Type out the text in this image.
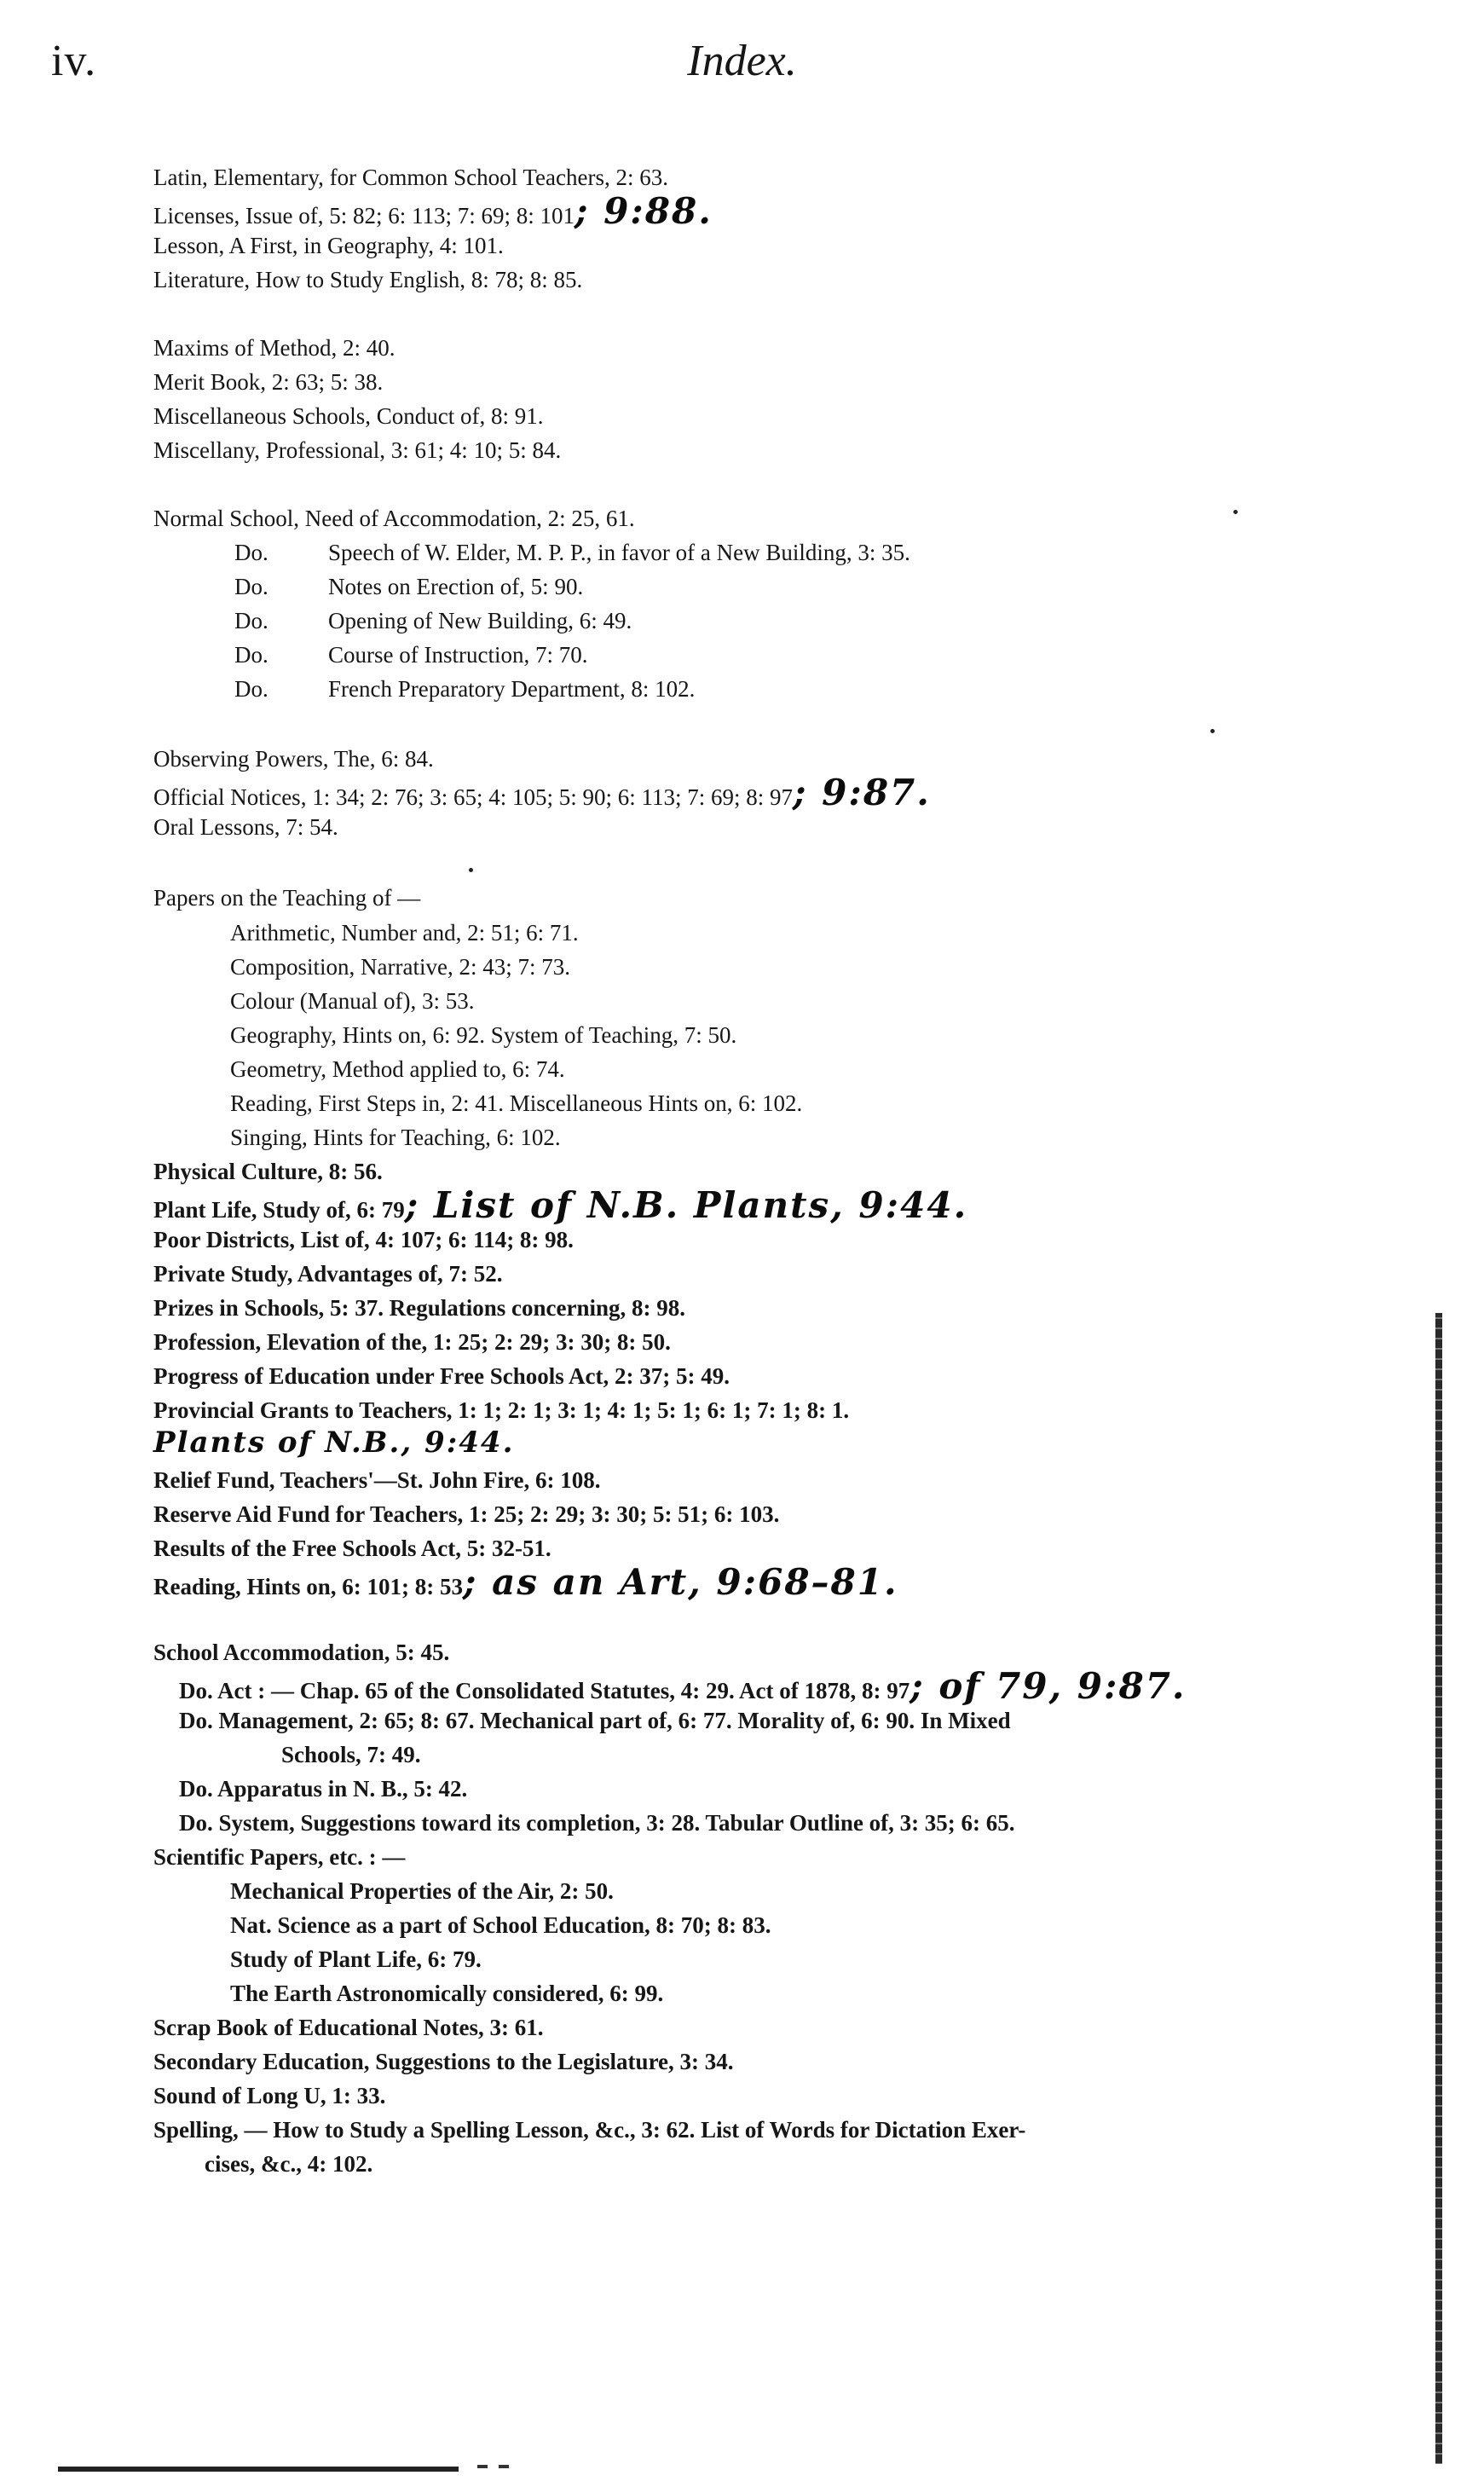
iv.	Index.
Latin, Elementary, for Common School Teachers, 2: 63.
Licenses, Issue of, 5: 82; 6: 113; 7: 69; 8: 101; 9:88.
Lesson, A First, in Geography, 4: 101.
Literature, How to Study English, 8: 78; 8: 85.
Maxims of Method, 2: 40.
Merit Book, 2: 63; 5: 38.
Miscellaneous Schools, Conduct of, 8: 91.
Miscellany, Professional, 3: 61; 4: 10; 5: 84.
Normal School, Need of Accommodation, 2: 25, 61.
Do.	Speech of W. Elder, M. P. P., in favor of a New Building, 3: 35.
Do.	Notes on Erection of, 5: 90.
Do.	Opening of New Building, 6: 49.
Do.	Course of Instruction, 7: 70.
Do.	French Preparatory Department, 8: 102.
Observing Powers, The, 6: 84.
Official Notices, 1: 34; 2: 76; 3: 65; 4: 105; 5: 90; 6: 113; 7: 69; 8: 97; 9:87.
Oral Lessons, 7: 54.
Papers on the Teaching of —
Arithmetic, Number and, 2: 51; 6: 71.
Composition, Narrative, 2: 43; 7: 73.
Colour (Manual of), 3: 53.
Geography, Hints on, 6: 92. System of Teaching, 7: 50.
Geometry, Method applied to, 6: 74.
Reading, First Steps in, 2: 41. Miscellaneous Hints on, 6: 102.
Singing, Hints for Teaching, 6: 102.
Physical Culture, 8: 56.
Plant Life, Study of, 6: 79; List of N.B. Plants, 9:44.
Poor Districts, List of, 4: 107; 6: 114; 8: 98.
Private Study, Advantages of, 7: 52.
Prizes in Schools, 5: 37. Regulations concerning, 8: 98.
Profession, Elevation of the, 1: 25; 2: 29; 3: 30; 8: 50.
Progress of Education under Free Schools Act, 2: 37; 5: 49.
Provincial Grants to Teachers, 1: 1; 2: 1; 3: 1; 4: 1; 5: 1; 6: 1; 7: 1; 8: 1.
Plants of N.B., 9:44.
Relief Fund, Teachers'—St. John Fire, 6: 108.
Reserve Aid Fund for Teachers, 1: 25; 2: 29; 3: 30; 5: 51; 6: 103.
Results of the Free Schools Act, 5: 32-51.
Reading, Hints on, 6: 101; 8: 53; as an Art, 9:68–81.
School Accommodation, 5: 45.
Do. Act : — Chap. 65 of the Consolidated Statutes, 4: 29. Act of 1878, 8: 97; of 79, 9:87.
Do. Management, 2: 65; 8: 67. Mechanical part of, 6: 77. Morality of, 6: 90. In Mixed
Schools, 7: 49.
Do. Apparatus in N. B., 5: 42.
Do. System, Suggestions toward its completion, 3: 28. Tabular Outline of, 3: 35; 6: 65.
Scientific Papers, etc. : —
Mechanical Properties of the Air, 2: 50.
Nat. Science as a part of School Education, 8: 70; 8: 83.
Study of Plant Life, 6: 79.
The Earth Astronomically considered, 6: 99.
Scrap Book of Educational Notes, 3: 61.
Secondary Education, Suggestions to the Legislature, 3: 34.
Sound of Long U, 1: 33.
Spelling, — How to Study a Spelling Lesson, &c., 3: 62. List of Words for Dictation Exer-
cises, &c., 4: 102.
